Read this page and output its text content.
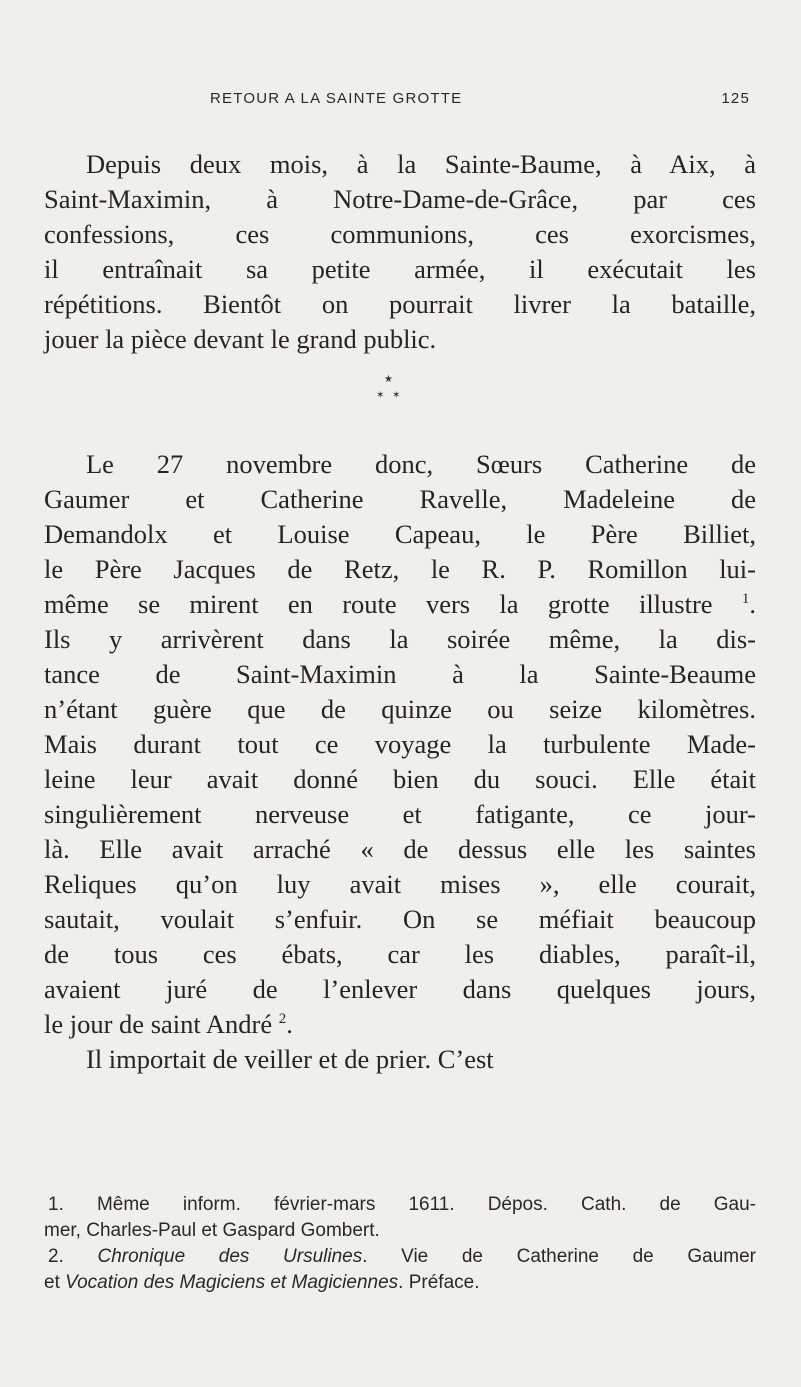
RETOUR A LA SAINTE GROTTE	125
Depuis deux mois, à la Sainte-Baume, à Aix, à
Saint-Maximin, à Notre-Dame-de-Grâce, par ces
confessions, ces communions, ces exorcismes,
il entraînait sa petite armée, il exécutait les
répétitions. Bientôt on pourrait livrer la bataille,
jouer la pièce devant le grand public.
★
✶ ✶
Le 27 novembre donc, Sœurs Catherine de
Gaumer et Catherine Ravelle, Madeleine de
Demandolx et Louise Capeau, le Père Billiet,
le Père Jacques de Retz, le R. P. Romillon lui-
même se mirent en route vers la grotte illustre $^1$.
Ils y arrivèrent dans la soirée même, la dis-
tance de Saint-Maximin à la Sainte-Beaume
n’étant guère que de quinze ou seize kilomètres.
Mais durant tout ce voyage la turbulente Made-
leine leur avait donné bien du souci. Elle était
singulièrement nerveuse et fatigante, ce jour-
là. Elle avait arraché « de dessus elle les saintes
Reliques qu’on luy avait mises », elle courait,
sautait, voulait s’enfuir. On se méfiait beaucoup
de tous ces ébats, car les diables, paraît-il,
avaient juré de l’enlever dans quelques jours,
le jour de saint André $^2$.
Il importait de veiller et de prier. C’est
1. Même inform. février-mars 1611. Dépos. Cath. de Gau-
mer, Charles-Paul et Gaspard Gombert.
2. Chronique des Ursulines. Vie de Catherine de Gaumer
et Vocation des Magiciens et Magiciennes. Préface.
